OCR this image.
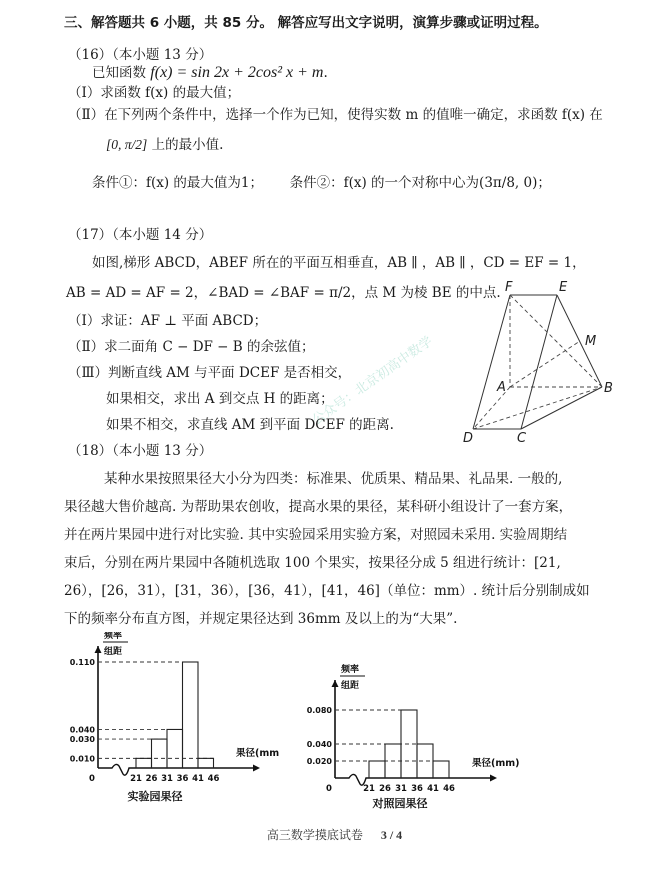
三、解答题共 6 小题，共 85 分。 解答应写出文字说明，演算步骤或证明过程。
（16）（本小题 13 分）
已知函数 f(x) = sin 2x + 2cos² x + m.
（Ⅰ）求函数 f(x) 的最大值；
（Ⅱ）在下列两个条件中，选择一个作为已知，使得实数 m 的值唯一确定，求函数 f(x) 在
[0, π/2] 上的最小值.
条件①：f(x) 的最大值为1； 条件②：f(x) 的一个对称中心为(3π/8, 0)；
（17）（本小题 14 分）
如图,梯形 ABCD，ABEF 所在的平面互相垂直，AB ∥ ，AB ∥ ，CD = EF = 1，
AB = AD = AF = 2，∠BAD = ∠BAF = π/2，点 M 为棱 BE 的中点.
（Ⅰ）求证：AF ⊥ 平面 ABCD；
（Ⅱ）求二面角 C − DF − B 的余弦值；
（Ⅲ）判断直线 AM 与平面 DCEF 是否相交，
如果相交，求出 A 到交点 H 的距离；
如果不相交，求直线 AM 到平面 DCEF 的距离.
F	E
M
A	B
D	C
公众号：北京初高中数学
（18）（本小题 13 分）
某种水果按照果径大小分为四类：标准果、优质果、精品果、礼品果. 一般的,
果径越大售价越高. 为帮助果农创收，提高水果的果径，某科研小组设计了一套方案，
并在两片果园中进行对比实验. 其中实验园采用实验方案，对照园未采用. 实验周期结
束后，分别在两片果园中各随机选取 100 个果实，按果径分成 5 组进行统计：[21,
26），[26，31），[31，36），[36，41），[41，46]（单位：mm）. 统计后分别制成如
下的频率分布直方图，并规定果径达到 36mm 及以上的为“大果”.
频率
组距
0.010
0.030
0.040
0.110
21 26 31 36 41 46
0
果径(mm
实验园果径
频率
组距
0.020
0.040
0.080
21 26 31 36 41 46
0
果径(mm)
对照园果径
高三数学摸底试卷 3 / 4
